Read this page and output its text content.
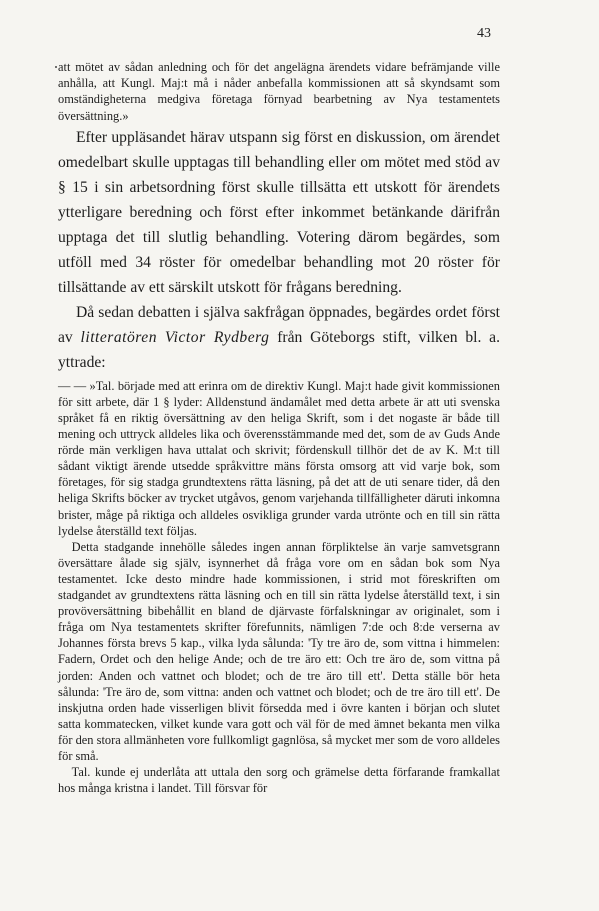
43

att mötet av sådan anledning och för det angelägna ärendets vidare befrämjande ville anhålla, att Kungl. Maj:t må i nåder anbefalla kommissionen att så skyndsamt som omständigheterna medgiva företaga förnyad bearbetning av Nya testamentets översättning.»

Efter uppläsandet härav utspann sig först en diskussion, om ärendet omedelbart skulle upptagas till behandling eller om mötet med stöd av § 15 i sin arbetsordning först skulle tillsätta ett utskott för ärendets ytterligare beredning och först efter inkommet betänkande därifrån upptaga det till slutlig behandling. Votering därom begärdes, som utföll med 34 röster för omedelbar behandling mot 20 röster för tillsättande av ett särskilt utskott för frågans beredning.

Då sedan debatten i själva sakfrågan öppnades, begärdes ordet först av litteratören Victor Rydberg från Göteborgs stift, vilken bl. a. yttrade:

— — »Tal. började med att erinra om de direktiv Kungl. Maj:t hade givit kommissionen för sitt arbete, där 1 § lyder: Alldenstund ändamålet med detta arbete är att uti svenska språket få en riktig översättning av den heliga Skrift, som i det nogaste är både till mening och uttryck alldeles lika och överensstämmande med det, som de av Guds Ande rörde män verkligen hava uttalat och skrivit; fördenskull tillhör det de av K. M:t till sådant viktigt ärende utsedde språkvittre mäns första omsorg att vid varje bok, som företages, för sig stadga grundtextens rätta läsning, på det att de uti senare tider, då den heliga Skrifts böcker av trycket utgåvos, genom varjehanda tillfälligheter däruti inkomna brister, måge på riktiga och alldeles osvikliga grunder varda utrönte och en till sin rätta lydelse återställd text följas.

Detta stadgande innehölle således ingen annan förpliktelse än varje samvetsgrann översättare ålade sig själv, isynnerhet då fråga vore om en sådan bok som Nya testamentet. Icke desto mindre hade kommissionen, i strid mot föreskriften om stadgandet av grundtextens rätta läsning och en till sin rätta lydelse återställd text, i sin provöversättning bibehållit en bland de djärvaste förfalskningar av originalet, som i fråga om Nya testamentets skrifter förefunnits, nämligen 7:de och 8:de verserna av Johannes första brevs 5 kap., vilka lyda sålunda: 'Ty tre äro de, som vittna i himmelen: Fadern, Ordet och den helige Ande; och de tre äro ett: Och tre äro de, som vittna på jorden: Anden och vattnet och blodet; och de tre äro till ett'. Detta ställe bör heta sålunda: 'Tre äro de, som vittna: anden och vattnet och blodet; och de tre äro till ett'. De inskjutna orden hade visserligen blivit försedda med i övre kanten i början och slutet satta kommatecken, vilket kunde vara gott och väl för de med ämnet bekanta men vilka för den stora allmänheten vore fullkomligt gagnlösa, så mycket mer som de voro alldeles för små.

Tal. kunde ej underlåta att uttala den sorg och grämelse detta förfarande framkallat hos många kristna i landet. Till försvar för
